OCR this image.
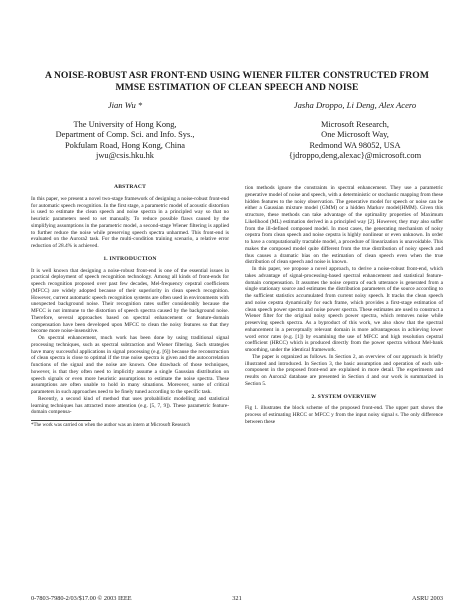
A NOISE-ROBUST ASR FRONT-END USING WIENER FILTER CONSTRUCTED FROM
MMSE ESTIMATION OF CLEAN SPEECH AND NOISE
Jian Wu *
The University of Hong Kong,
Department of Comp. Sci. and Info. Sys.,
Pokfulam Road, Hong Kong, China
jwu@csis.hku.hk
Jasha Droppo, Li Deng, Alex Acero
Microsoft Research,
One Microsoft Way,
Redmond WA 98052, USA
{jdroppo,deng,alexac}@microsoft.com
ABSTRACT
In this paper, we present a novel two-stage framework of designing a noise-robust front-end for automatic speech recognition. In the first stage, a parametric model of acoustic distortion is used to estimate the clean speech and noise spectra in a principled way so that no heuristic parameters need to set manually. To reduce possible flaws caused by the simplifying assumptions in the parametric model, a second-stage Wiener filtering is applied to further reduce the noise while preserving speech spectra unharmed. This front-end is evaluated on the Aurora2 task. For the multi-condition training scenario, a relative error reduction of 28.4% is achieved.
1. INTRODUCTION
It is well known that designing a noise-robust front-end is one of the essential issues in practical deployment of speech recognition technology. Among all kinds of front-ends for speech recognition proposed over past few decades, Mel-frequency cepstral coefficients (MFCC) are widely adopted because of their superiority in clean speech recognition. However, current automatic speech recognition systems are often used in environments with unexpected background noise. Their recognition rates suffer considerably because the MFCC is not immune to the distortion of speech spectra caused by the background noise. Therefore, several approaches based on spectral enhancement or feature-domain compensation have been developed upon MFCC to clean the noisy features so that they become more noise-insensitive.
On spectral enhancement, much work has been done by using traditional signal processing techniques, such as spectral subtraction and Wiener filtering. Such strategies have many successful applications in signal processing (e.g. [6]) because the reconstruction of clean spectra is close to optimal if the true noise spectra is given and the autocorrelation functions of the signal and the noise are known. One drawback of those techniques, however, is that they often need to implicitly assume a single Gaussian distribution on speech signals or even more heuristic assumptions to estimate the noise spectra. These assumptions are often unable to hold in many situations. Moreover, some of critical parameters in such approaches need to be finely tuned according to the specific task.
Recently, a second kind of method that uses probabilistic modelling and statistical learning techniques has attracted more attention (e.g. [5, 7, 9]). These parametric feature-domain compensa-
*The work was carried on when the author was an intern at Microsoft Research
tion methods ignore the constraints in spectral enhancement. They use a parametric generative model of noise and speech, with a deterministic or stochastic mapping from these hidden features to the noisy observation. The generative model for speech or noise can be either a Gaussian mixture model (GMM) or a hidden Markov model(HMM). Given this structure, these methods can take advantage of the optimality properties of Maximum Likelihood (ML) estimation derived in a principled way [2]. However, they may also suffer from the ill-defined composed model. In most cases, the generating mechanism of noisy cepstra from clean speech and noise cepstra is highly nonlinear or even unknown. In order to have a computationally tractable model, a procedure of linearization is unavoidable. This makes the composed model quite different from the true distribution of noisy speech and thus causes a dramatic bias on the estimation of clean speech even when the true distribution of clean speech and noise is known.
In this paper, we propose a novel approach, to derive a noise-robust front-end, which takes advantage of signal-processing-based spectral enhancement and statistical feature-domain compensation. It assumes the noise cepstra of each utterance is generated from a single stationary source and estimates the distribution parameters of the source according to the sufficient statistics accumulated from current noisy speech. It tracks the clean speech and noise cepstra dynamically for each frame, which provides a first-stage estimation of clean speech power spectra and noise power spectra. These estimates are used to construct a Wiener filter for the original noisy speech power spectra, which removes noise while preserving speech spectra. As a byproduct of this work, we also show that the spectral enhancement in a perceptually relevant domain is more advantageous in achieving lower word error rates (e.g. [1]) by examining the use of MFCC and high resolution cepstral coefficient (HRCC) which is produced directly from the power spectra without Mel-bank smoothing, under the identical framework.
The paper is organized as follows. In Section 2, an overview of our approach is briefly illustrated and introduced. In Section 3, the basic assumption and operation of each sub-component in the proposed front-end are explained in more detail. The experiments and results on Aurora2 database are presented in Section 4 and our work is summarized in Section 5.
2. SYSTEM OVERVIEW
Fig 1. illustrates the block scheme of the proposed front-end. The upper part shows the process of estimating HRCC or MFCC y from the input noisy signal s. The only difference between these
0-7803-7980-2/03/$17.00 © 2003 IEEE	321	ASRU 2003
